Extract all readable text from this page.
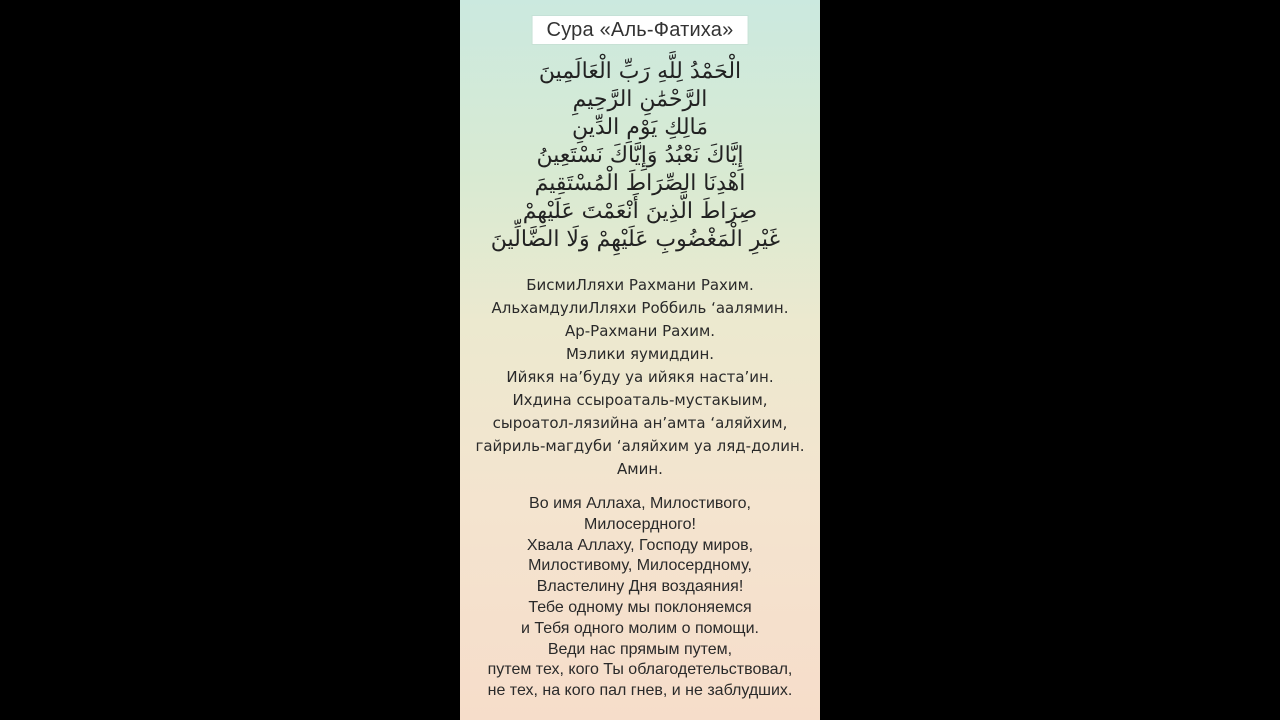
Сура «Аль-Фатиха»
الْحَمْدُ لِلَّهِ رَبِّ الْعَالَمِينَ
الرَّحْمَٰنِ الرَّحِيمِ
مَالِكِ يَوْمِ الدِّينِ
إِيَّاكَ نَعْبُدُ وَإِيَّاكَ نَسْتَعِينُ
اهْدِنَا الصِّرَاطَ الْمُسْتَقِيمَ
صِرَاطَ الَّذِينَ أَنْعَمْتَ عَلَيْهِمْ
غَيْرِ الْمَغْضُوبِ عَلَيْهِمْ وَلَا الضَّالِّينَ
БисмиЛляхи Рахмани Рахим.
АльхамдулиЛляхи Роббиль ‘аалямин.
Ар-Рахмани Рахим.
Мэлики яумиддин.
Ийякя на’буду уа ийякя наста’ин.
Ихдина ссыроаталь-мустакыим,
сыроатол-лязийна ан’амта ‘аляйхим,
гайриль-магдуби ‘аляйхим уа ляд-долин.
Амин.
Во имя Аллаха, Милостивого,
Милосердного!
Хвала Аллаху, Господу миров,
Милостивому, Милосердному,
Властелину Дня воздаяния!
Тебе одному мы поклоняемся
и Тебя одного молим о помощи.
Веди нас прямым путем,
путем тех, кого Ты облагодетельствовал,
не тех, на кого пал гнев, и не заблудших.
